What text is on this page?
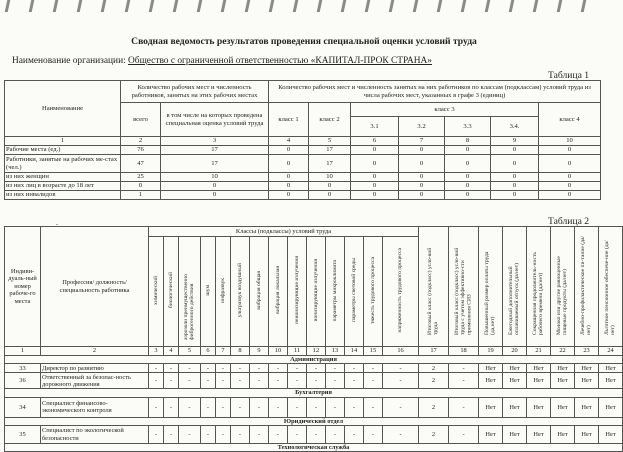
Сводная ведомость результатов проведения специальной оценки условий труда
Наименование организации: Общество с ограниченной ответственностью «КАПИТАЛ-ПРОК СТРАНА»
Таблица 1
Наименование	Количество рабочих мест и численность работников, занятых на этих рабочих местах		Количество рабочих мест и численность занятых на них работников по классам (подклассам) условий труда из числа рабочих мест, указанных в графе 3 (единиц)						
	всего	в том числе на которых проведена специальная оценка условий труда	класс 1	класс 2	класс 3				класс 4
					3.1	3.2	3.3	3.4.	
1	2	3	4	5	6	7	8	9	10
Рабочие места (ед.)	76	17	0	17	0	0	0	0	0
Работники, занятые на рабочих ме-стах (чел.)	47	17	0	17	0	0	0	0	0
из них женщин	25	10	0	10	0	0	0	0	0
из них лиц в возрасте до 18 лет	0	0	0	0	0	0	0	0	0
из них инвалидов	1	0	0	0	0	0	0	0	0
.	Таблица 2
Индиви-дуаль-ный номер рабоче-го места	Профессия/ должность/ специальность работника	Классы (подклассы) условий труда														Итоговый класс (подкласс) усло-вий труда	Итоговый класс (подкласс) усло-вий труда с учетом эффективно-сти применения СИЗ	Повышенный размер оплаты труда (да,нет)	Ежегодный дополнительный оплачиваемый отпуск (да/нет)	Сокращенная продолжитель-ность рабочего времени (да/нет)	Молоко или другие равноценные пищевые продукты (да/нет)	Лечебно-профилактическое пи-тание (да/нет)	Льготное пенсионное обеспече-ние (да/нет)
		химический	биологический	аэрозоли преимущественно фиброгенного действия	шум	инфразвук	ультразвук воздушный	вибрация общая	вибрация локальная	неионизирующие излучения	ионизирующие излучения	параметры микроклимата	параметры световой среды	тяжесть трудового процесса	напряженность трудового процесса								
1	2	3	4	5	6	7	8	9	10	11	12	13	14	15	16	17	18	19	20	21	22	23	24
Администрация																							
33	Директор по развитию	-	-	-	-	-	-	-	-	-	-	-	-	-	-	2	-	Нет	Нет	Нет	Нет	Нет	Нет
36	Ответственный за безопас-ность дорожного движения	-	-	-	-	-	-	-	-	-	-	-	-	-	-	2	-	Нет	Нет	Нет	Нет	Нет	Нет
Бухгалтерия																							
34	Специалист финансово-экономического контроля	-	-	-	-	-	-	-	-	-	-	-	-	-	-	2	-	Нет	Нет	Нет	Нет	Нет	Нет
Юридический отдел																							
35	Специалист по экологической безопасности	-	-	-	-	-	-	-	-	-	-	-	-	-	-	2	-	Нет	Нет	Нет	Нет	Нет	Нет
Технологическая служба																							
